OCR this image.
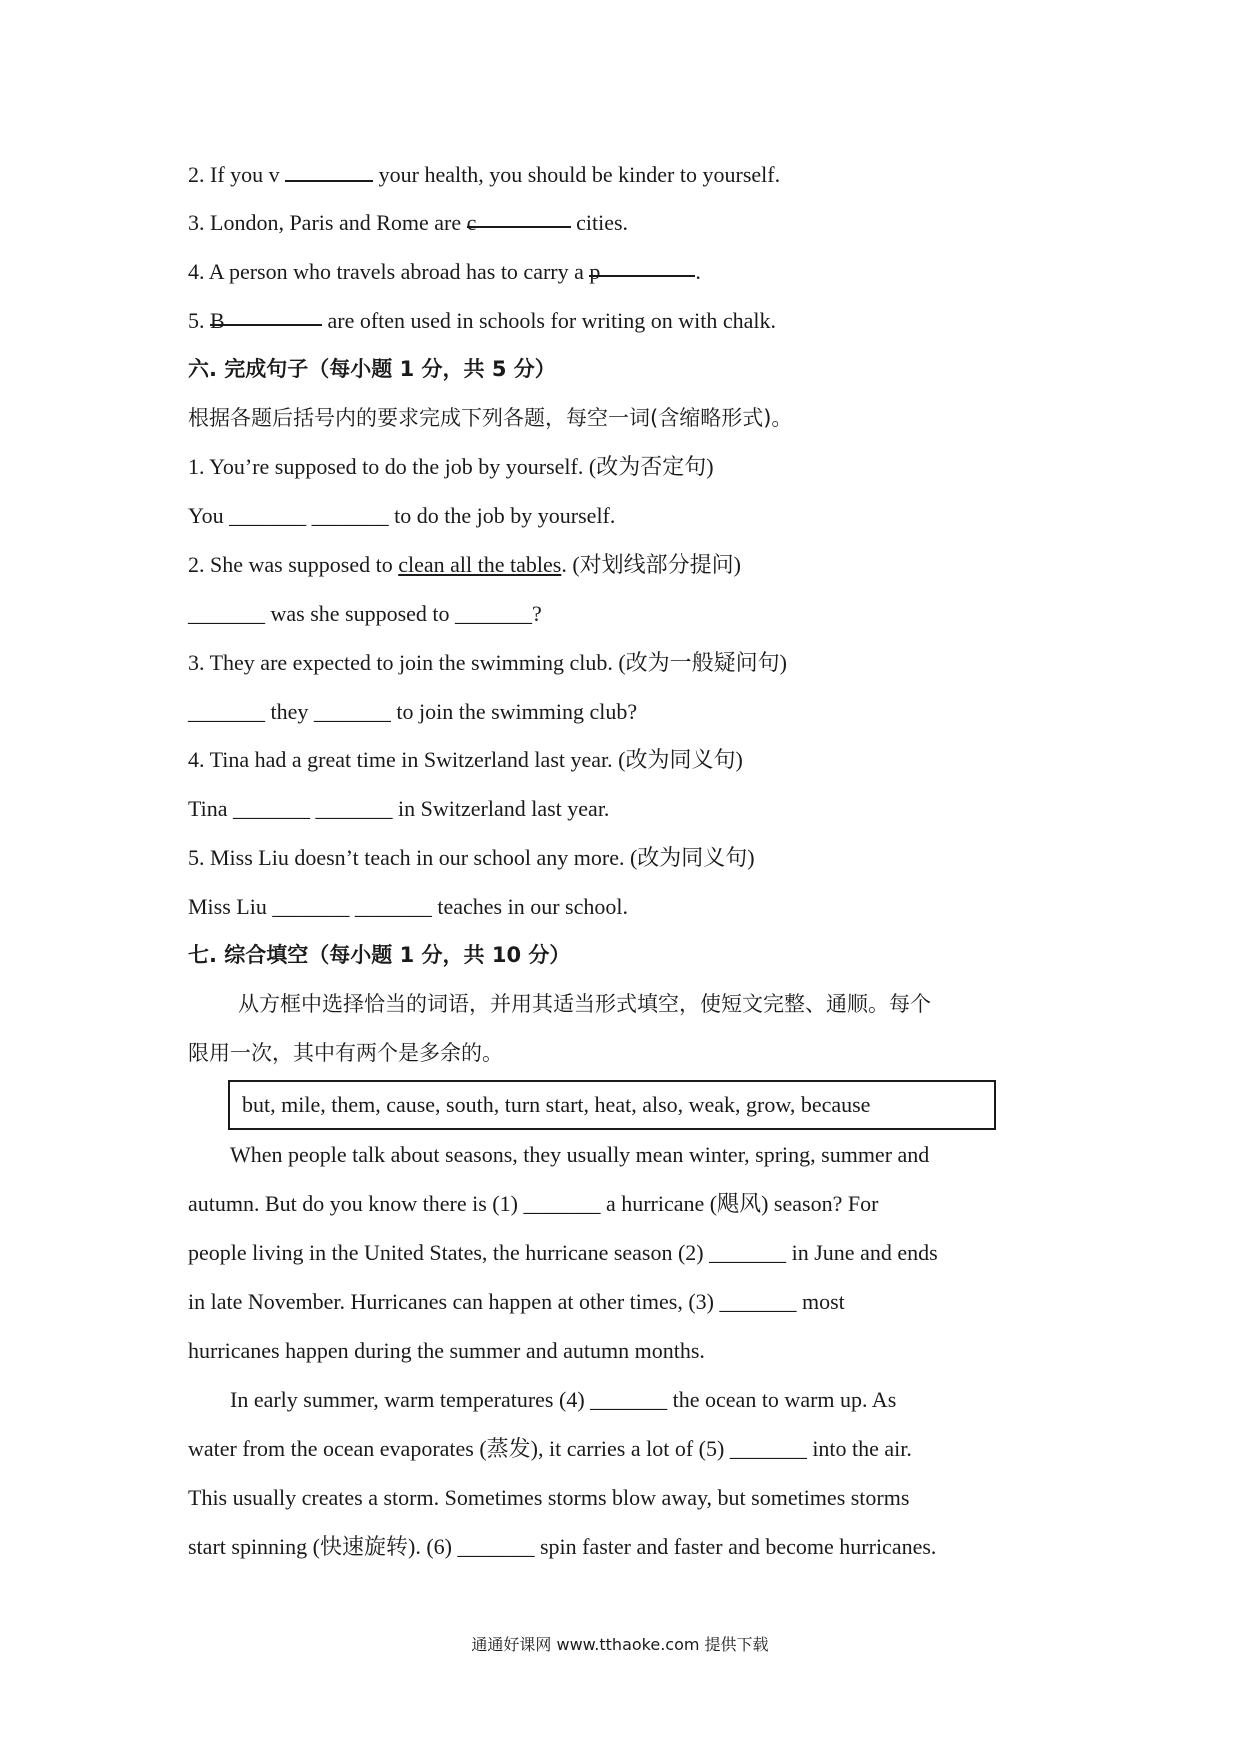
2. If you v	your health, you should be kinder to yourself.
3. London, Paris and Rome are c	cities.
4. A person who travels abroad has to carry a p	.
5. B	are often used in schools for writing on with chalk.
六. 完成句子（每小题 1 分，共 5 分）
根据各题后括号内的要求完成下列各题，每空一词(含缩略形式)。
1. You’re supposed to do the job by yourself. (改为否定句)
You _______ _______ to do the job by yourself.
2. She was supposed to clean all the tables. (对划线部分提问)
_______ was she supposed to _______?
3. They are expected to join the swimming club. (改为一般疑问句)
_______ they _______ to join the swimming club?
4. Tina had a great time in Switzerland last year. (改为同义句)
Tina _______ _______ in Switzerland last year.
5. Miss Liu doesn’t teach in our school any more. (改为同义句)
Miss Liu _______ _______ teaches in our school.
七. 综合填空（每小题 1 分，共 10 分）
从方框中选择恰当的词语，并用其适当形式填空，使短文完整、通顺。每个
限用一次，其中有两个是多余的。
but, mile, them, cause, south, turn start, heat, also, weak, grow, because
When people talk about seasons, they usually mean winter, spring, summer and
autumn. But do you know there is (1) _______ a hurricane (飓风) season? For
people living in the United States, the hurricane season (2) _______ in June and ends
in late November. Hurricanes can happen at other times, (3) _______ most
hurricanes happen during the summer and autumn months.
In early summer, warm temperatures (4) _______ the ocean to warm up. As
water from the ocean evaporates (蒸发), it carries a lot of (5) _______ into the air.
This usually creates a storm. Sometimes storms blow away, but sometimes storms
start spinning (快速旋转). (6) _______ spin faster and faster and become hurricanes.
通通好课网 www.tthaoke.com 提供下载
